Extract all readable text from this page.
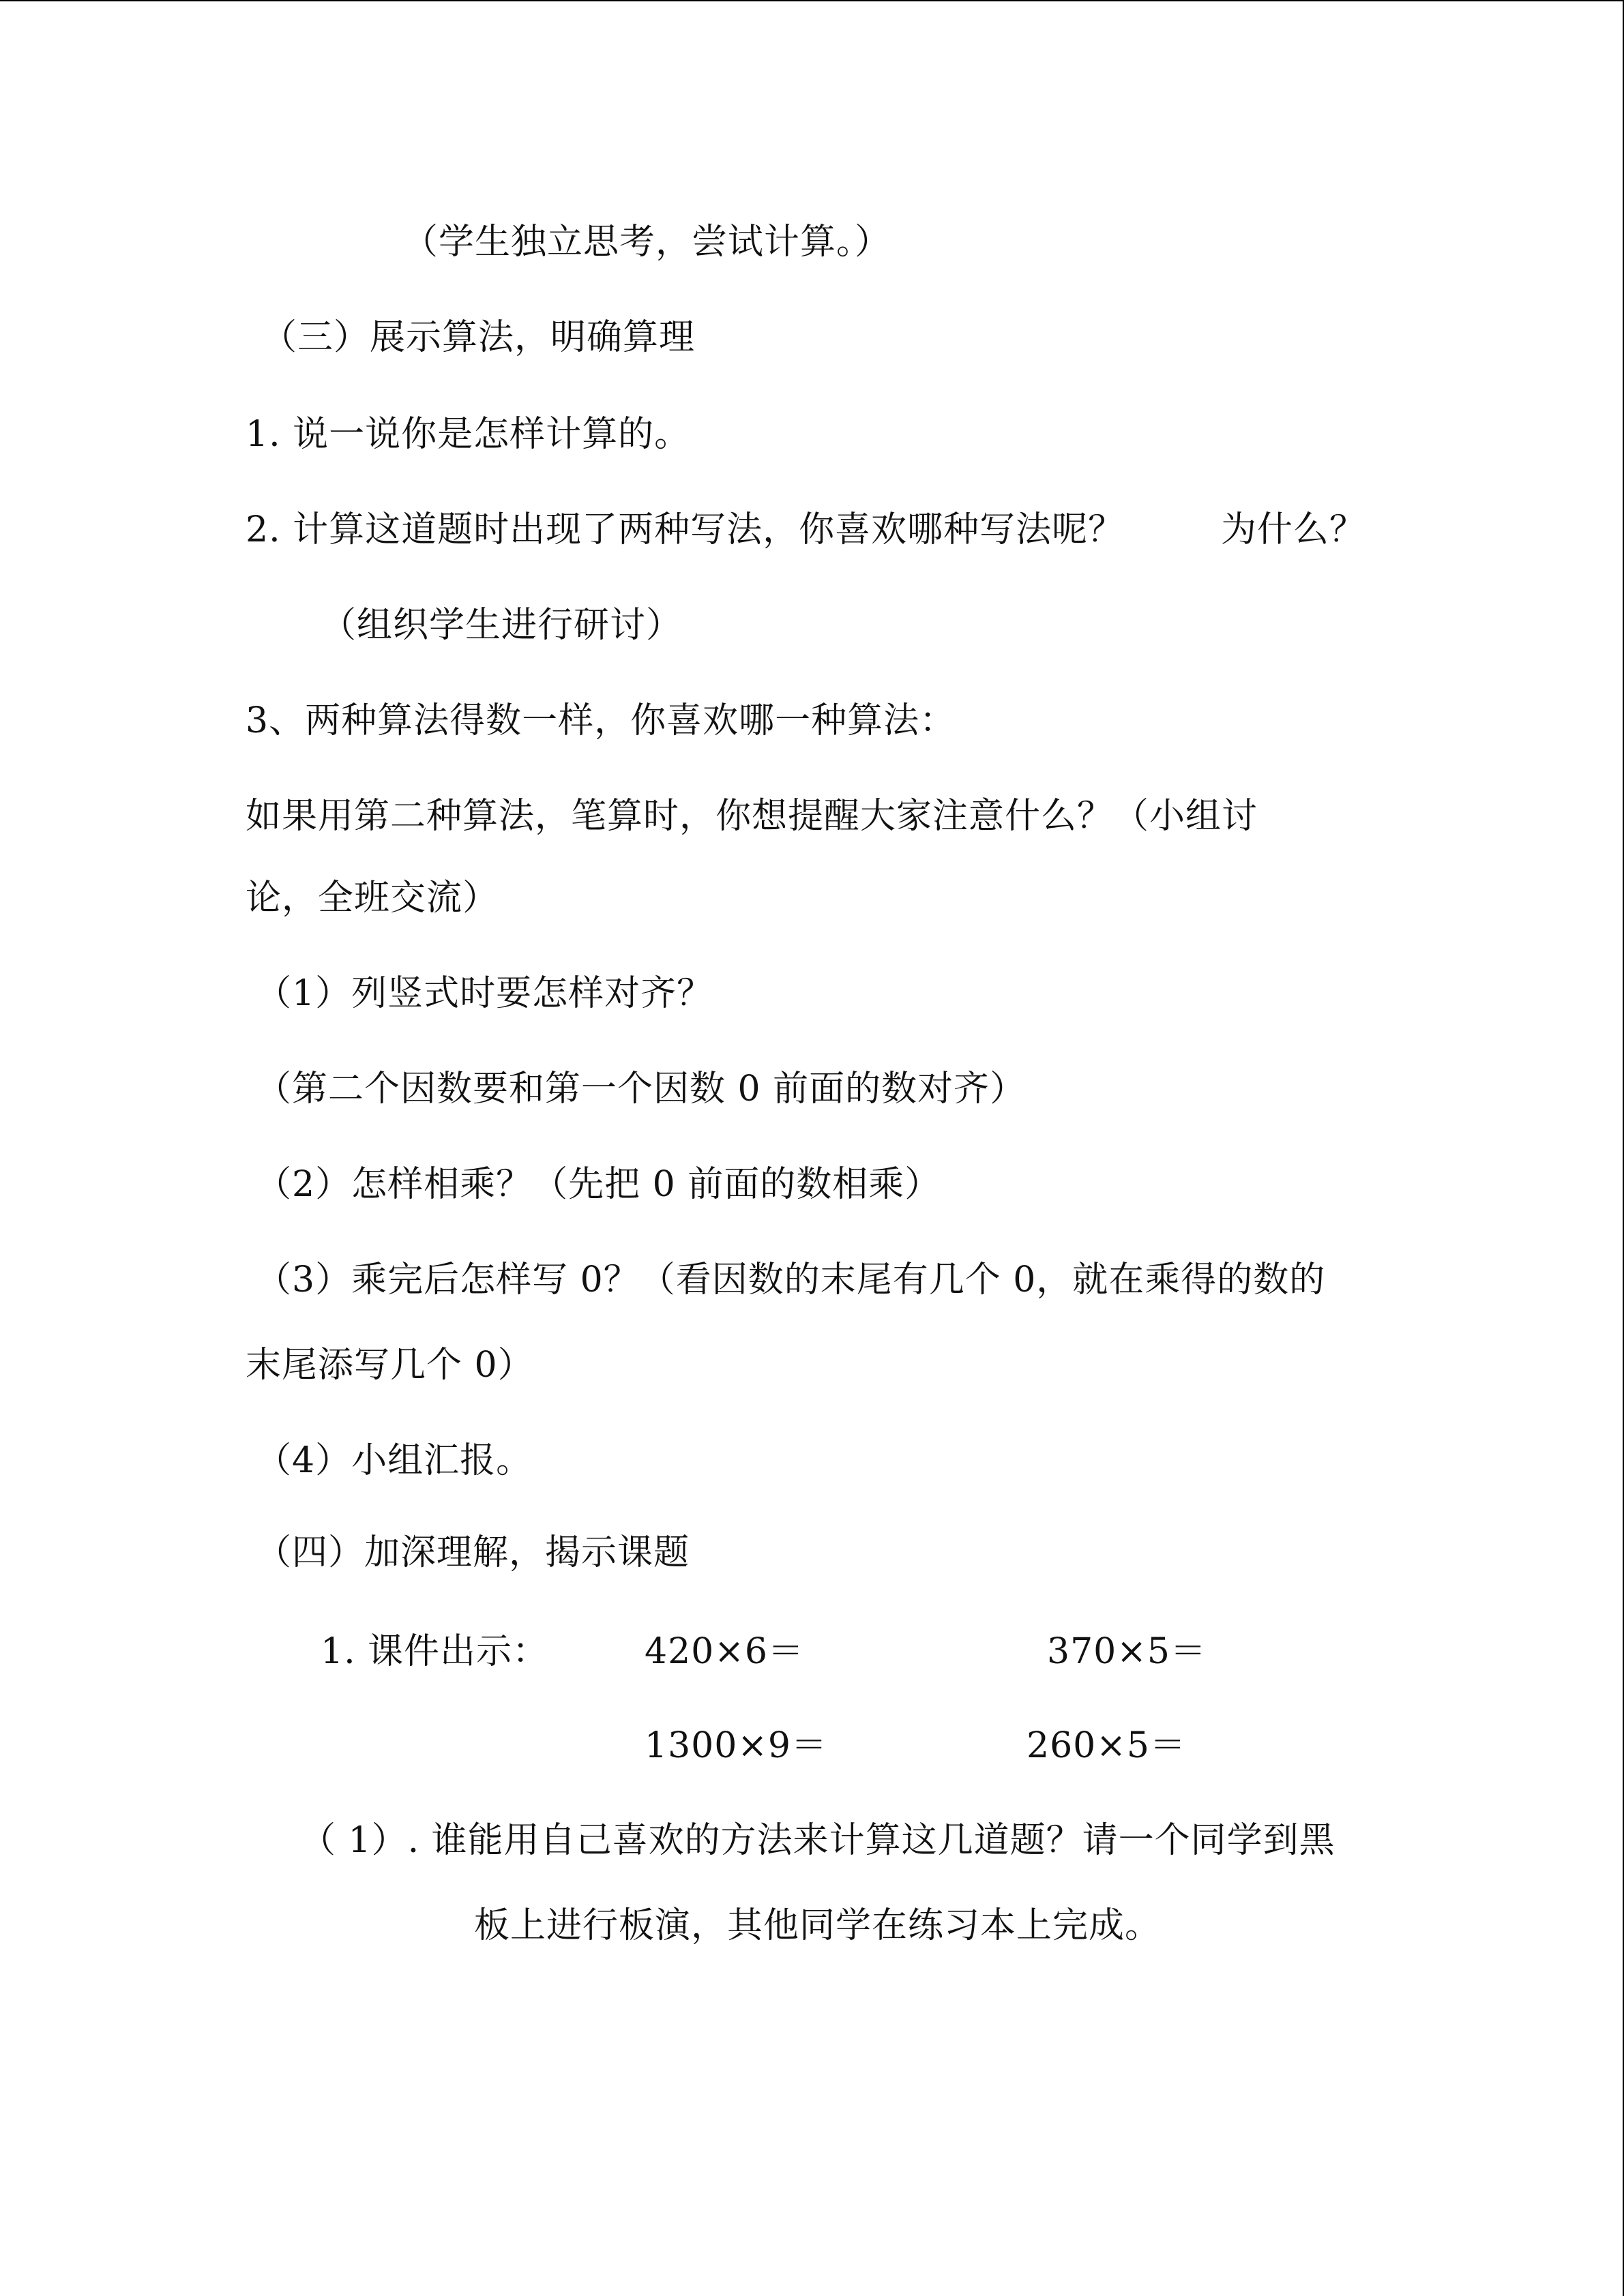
（学生独立思考，尝试计算。）
（三）展示算法，明确算理
1. 说一说你是怎样计算的。
2. 计算这道题时出现了两种写法，你喜欢哪种写法呢？	为什么？
（组织学生进行研讨）
3、两种算法得数一样，你喜欢哪一种算法：
如果用第二种算法，笔算时，你想提醒大家注意什么？（小组讨
论，全班交流）
（1）列竖式时要怎样对齐？
（第二个因数要和第一个因数 0 前面的数对齐）
（2）怎样相乘？（先把 0 前面的数相乘）
（3）乘完后怎样写 0？（看因数的末尾有几个 0，就在乘得的数的
末尾添写几个 0）
（4）小组汇报。
（四）加深理解，揭示课题
1. 课件出示：	420×6＝	370×5＝
1300×9＝	260×5＝
（ 1）. 谁能用自己喜欢的方法来计算这几道题？请一个同学到黑
板上进行板演，其他同学在练习本上完成。
